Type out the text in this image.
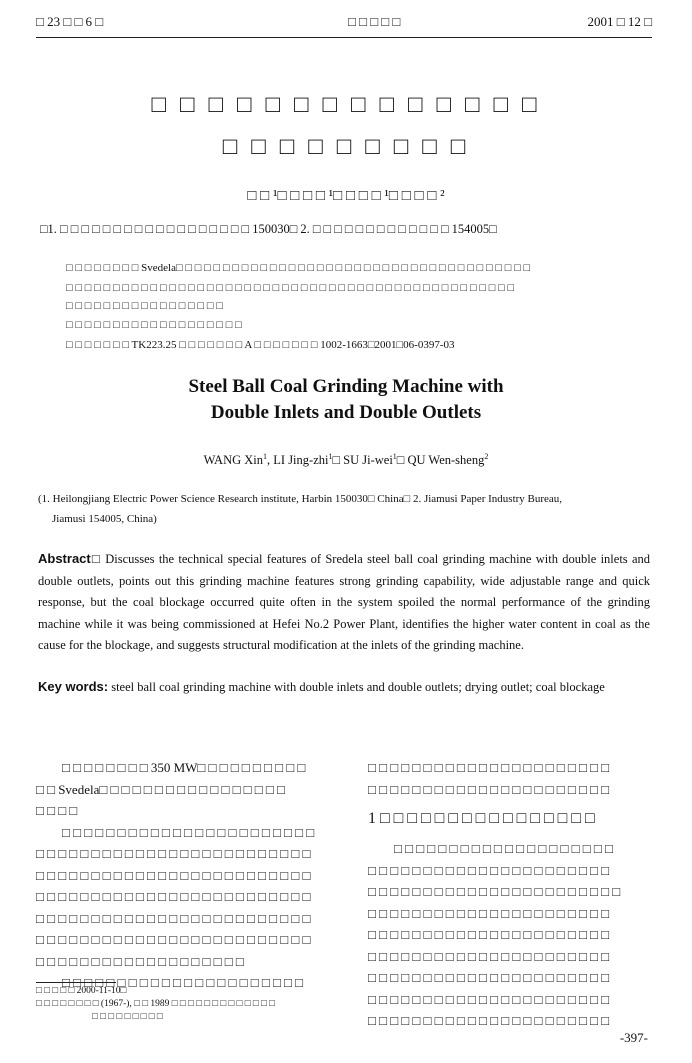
□ 23 □ □ 6 □	□ □ □ □ □	2001 □ 12 □
□ □ □ □ □ □ □ □ □ □ □ □ □ □
□ □ □ □ □ □ □ □ □
□ □ ¹□ □ □ □ ¹□ □ □ □ ¹□ □ □ □ ²
□1. □ □ □ □ □ □ □ □ □ □ □ □ □ □ □ □ □ □ 150030□ 2. □ □ □ □ □ □ □ □ □ □ □ □ □ 154005□
□ □ □ □ □ □ □ □ Svedela□ □ □ □ □ □ □ □ □ □ □ □ □ □ □ □ □ □ □ □ □ □ □ □ □ □ □ □ □ □ □ □ □ □ □ □ □ □
□ □ □ □ □ □ □ □ □ □ □ □ □ □ □ □ □ □ □ □ □ □ □ □ □ □ □ □ □ □ □ □ □ □ □ □ □ □ □ □ □ □ □ □ □ □ □ □
□ □ □ □ □ □ □ □ □ □ □ □ □ □ □ □ □
□ □ □ □ □ □ □ □ □ □ □ □ □ □ □ □ □ □ □
□ □ □ □ □ □ □ TK223.25 □ □ □ □ □ □ □ A □ □ □ □ □ □ □ 1002-1663□2001□06-0397-03
Steel Ball Coal Grinding Machine with
Double Inlets and Double Outlets
WANG Xin$^1$, LI Jing-zhi$^1$□ SU Ji-wei$^1$□ QU Wen-sheng$^2$
(1. Heilongjiang Electric Power Science Research institute, Harbin 150030□ China□ 2. Jiamusi Paper Industry Bureau,
Jiamusi 154005, China)
Abstract□ Discusses the technical special features of Sredela steel ball coal grinding machine with double inlets and double outlets, points out this grinding machine features strong grinding capability, wide adjustable range and quick response, but the coal blockage occurred quite often in the system spoiled the normal performance of the grinding machine while it was being commissioned at Hefei No.2 Power Plant, identifies the higher water content in coal as the cause for the blockage, and suggests structural modification at the inlets of the grinding machine.
Key words: steel ball coal grinding machine with double inlets and double outlets; drying outlet; coal blockage
□ □ □ □ □ □ □ □ 350 MW□ □ □ □ □ □ □ □ □ □
□ □ Svedela□ □ □ □ □ □ □ □ □ □ □ □ □ □ □ □ □
□ □ □ □
□ □ □ □ □ □ □ □ □ □ □ □ □ □ □ □ □ □ □ □ □ □ □
□ □ □ □ □ □ □ □ □ □ □ □ □ □ □ □ □ □ □ □ □ □ □ □ □
□ □ □ □ □ □ □ □ □ □ □ □ □ □ □ □ □ □ □ □ □ □ □ □ □
□ □ □ □ □ □ □ □ □ □ □ □ □ □ □ □ □ □ □ □ □ □ □ □ □
□ □ □ □ □ □ □ □ □ □ □ □ □ □ □ □ □ □ □ □ □ □ □ □ □
□ □ □ □ □ □ □ □ □ □ □ □ □ □ □ □ □ □ □ □ □ □ □ □ □
□ □ □ □ □ □ □ □ □ □ □ □ □ □ □ □ □ □ □
□ □ □ □ □ □ □ □ □ □ □ □ □ □ □ □ □ □ □ □ □ □
□ □ □ □ □ □ □ □ □ □ □ □ □ □ □ □ □ □ □ □ □ □
□ □ □ □ □ □ □ □ □ □ □ □ □ □ □ □ □ □ □ □ □ □
1 □ □ □ □ □ □ □ □ □ □ □ □ □ □ □ □
□ □ □ □ □ □ □ □ □ □ □ □ □ □ □ □ □ □ □ □
□ □ □ □ □ □ □ □ □ □ □ □ □ □ □ □ □ □ □ □ □ □
□ □ □ □ □ □ □ □ □ □ □ □ □ □ □ □ □ □ □ □ □ □ □
□ □ □ □ □ □ □ □ □ □ □ □ □ □ □ □ □ □ □ □ □ □
□ □ □ □ □ □ □ □ □ □ □ □ □ □ □ □ □ □ □ □ □ □
□ □ □ □ □ □ □ □ □ □ □ □ □ □ □ □ □ □ □ □ □ □
□ □ □ □ □ □ □ □ □ □ □ □ □ □ □ □ □ □ □ □ □ □
□ □ □ □ □ □ □ □ □ □ □ □ □ □ □ □ □ □ □ □ □ □
□ □ □ □ □ □ □ □ □ □ □ □ □ □ □ □ □ □ □ □ □ □
□ □ □ □ □ 2000-11-10□
□ □ □ □ □ □ □ □ (1967-), □ □ 1989 □ □ □ □ □ □ □ □ □ □ □ □ □
□ □ □ □ □ □ □ □ □
-397-
